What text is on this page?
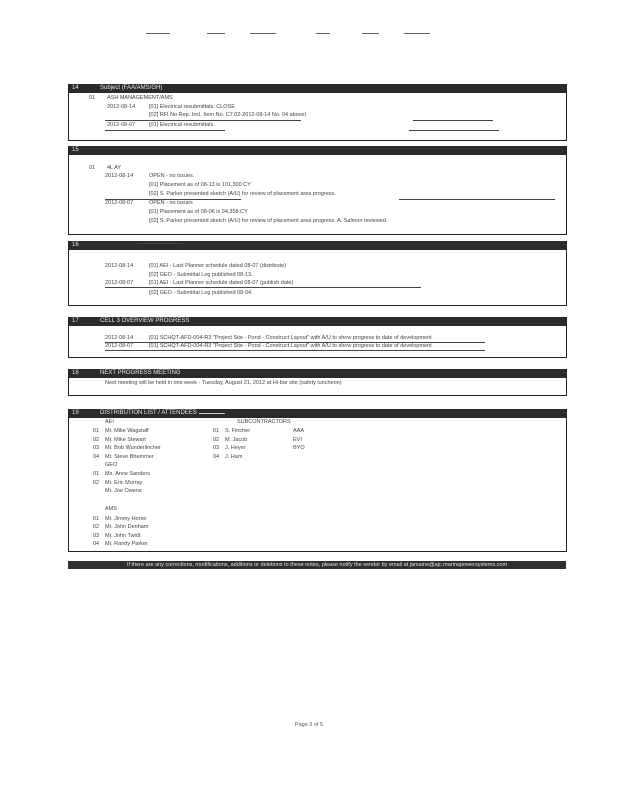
14	Subject (FAA/AMS/GH)
01 ASH MANAGEMENT/AMS
2012-08-14	[01] Electrical resubmittals. CLOSE
[02] RFI No Rep. Incl. Item No. C7.02-2012-08-14 No. 04 above)
2012-08-07	[01] Electrical resubmittals.
15
01 4L AY
2012-08-14	OPEN - no issues.
[01] Placement as of 08-13 is 101,300 CY
[02] S. Parker presented sketch (A/U) for review of placement area progress.
2012-08-07	OPEN - no issues
[01] Placement as of 08-06 is 94,358 CY
[02] S. Parker presented sketch (A/U) for review of placement area progress. A. Salmon reviewed.
16
2012-08-14	[01] AEI - Last Planner schedule dated 08-07 (distribute)
[02] GEO - Submittal Log published 08-13.
2012-08-07	[01] AEI - Last Planner schedule dated 08-07 (publish date)
[02] GEO - Submittal Log published 08-04.
17	CELL 3 OVERVIEW PROGRESS
2012-08-14	[01] SCHQT-AFD-004-R3 "Project Site - Pond - Construct Layout" with A/U to show progress to date of development
2012-08-07	[01] SCHQT-AFD-004-R3 "Project Site - Pond - Construct Layout" with A/U to show progress to date of development
18	NEXT PROGRESS MEETING
Next meeting will be held in one week - Tuesday, August 21, 2012 at Hi-bar site (safety luncheon)
19	DISTRIBUTION LIST / ATTENDEES
AEI
01 Mr. Mike Wagstaff
02 Mr. Mike Stewart
03 Mr. Bob Wunderlincher
04 Mr. Steve Bhemmer
GEO
01 Ms. Anne Sanders
02 Mr. Eric Murray
Mr. Joe Owens
AMS
01 Mr. Jimmy Horse
02 Mr. John Denham
03 Mr. John Twidt
04 Mr. Randy Parker
SUBCONTRACTORS
01 S. Fincher	AAA
02 M. Jacob	EVI
03 J. Heyer	BYO
04 J. Ham
If there are any corrections, modifications, additions or deletions to these notes, please notify the sender by email at jamaine@ajc.marinapowersystems.com
Page 3 of 5
